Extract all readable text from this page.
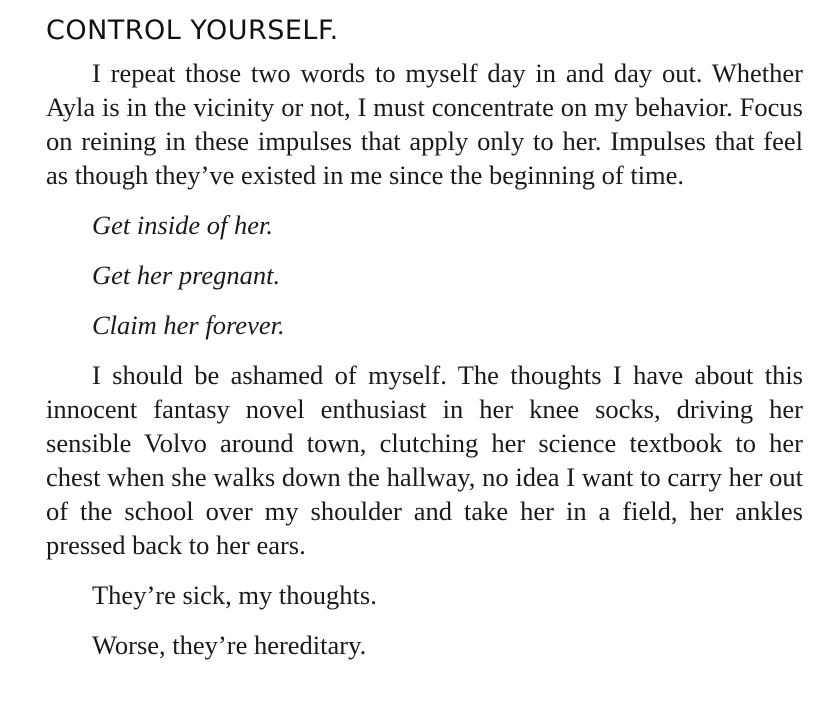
CONTROL YOURSELF.

I repeat those two words to myself day in and day out. Whether Ayla is in the vicinity or not, I must concentrate on my behavior. Focus on reining in these impulses that apply only to her. Impulses that feel as though they’ve existed in me since the beginning of time.

Get inside of her.

Get her pregnant.

Claim her forever.

I should be ashamed of myself. The thoughts I have about this innocent fantasy novel enthusiast in her knee socks, driving her sensible Volvo around town, clutching her science textbook to her chest when she walks down the hallway, no idea I want to carry her out of the school over my shoulder and take her in a field, her ankles pressed back to her ears.

They’re sick, my thoughts.

Worse, they’re hereditary.
